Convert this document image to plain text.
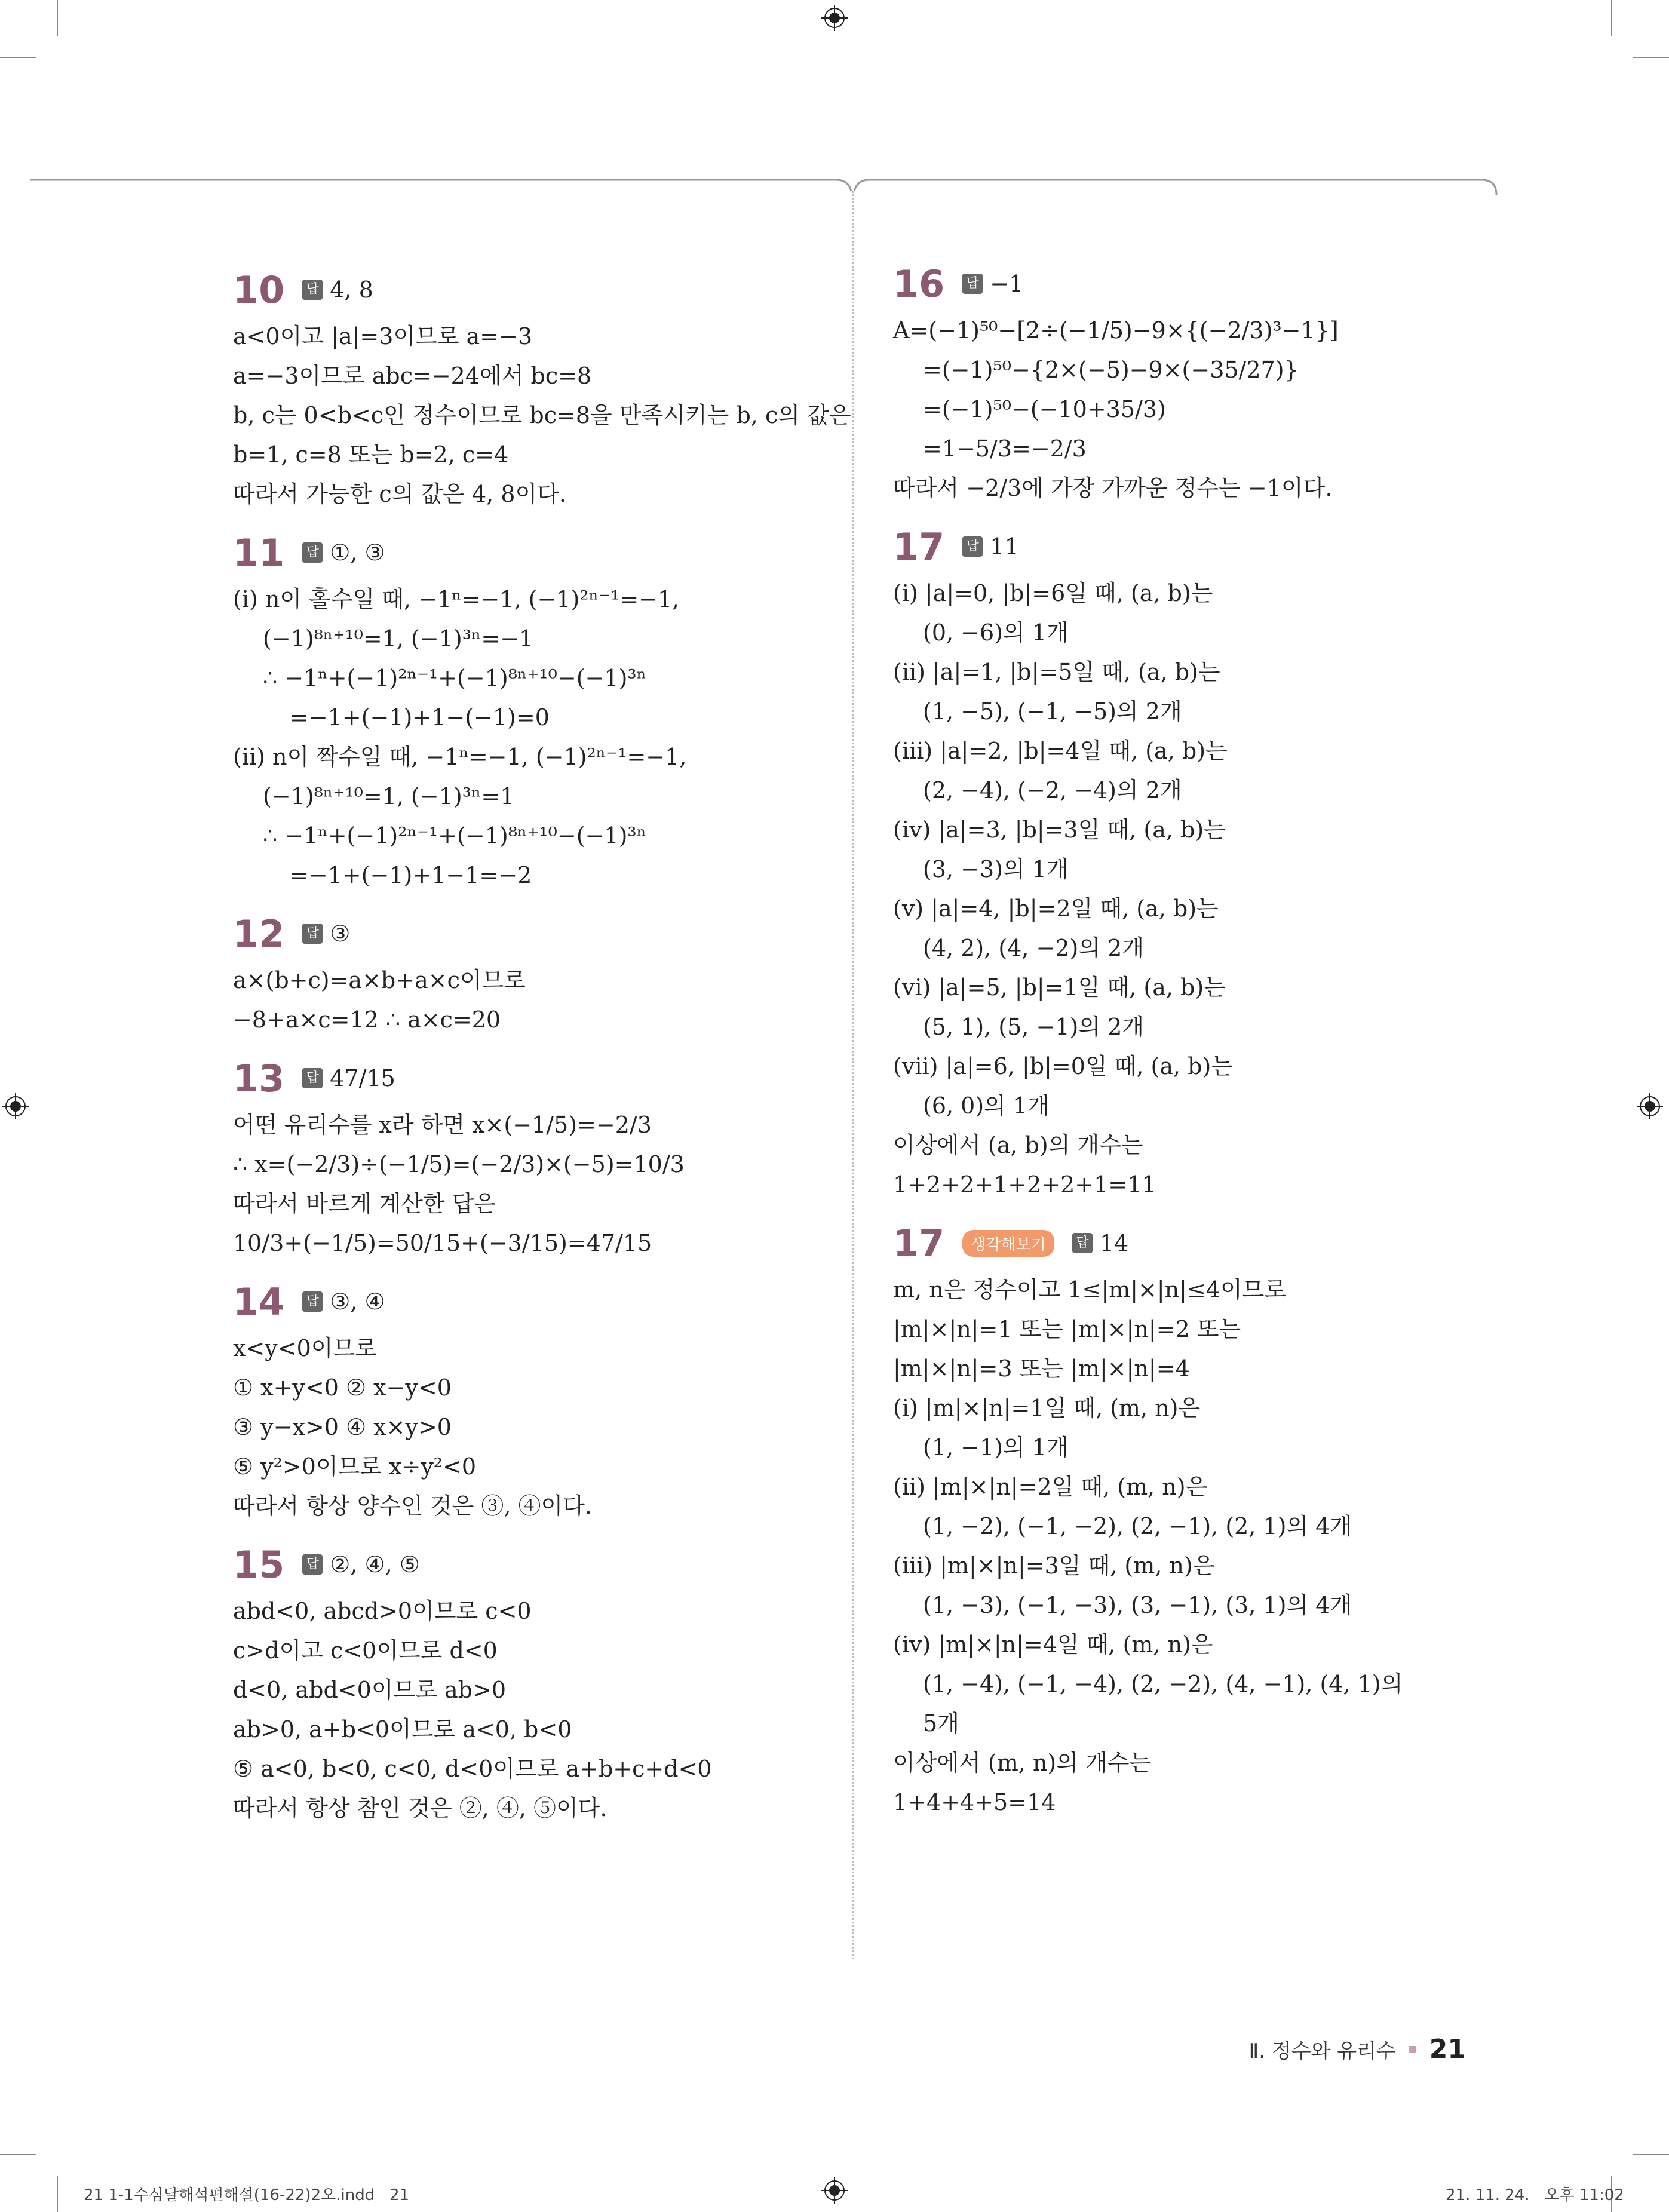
10 답 4, 8
a<0이고 |a|=3이므로 a=−3
a=−3이므로 abc=−24에서 bc=8
b, c는 0<b<c인 정수이므로 bc=8을 만족시키는 b, c의 값은
b=1, c=8 또는 b=2, c=4
따라서 가능한 c의 값은 4, 8이다.
11 답 ①, ③
(ⅰ) n이 홀수일 때, −1ⁿ=−1, (−1)²ⁿ⁻¹=−1,
(−1)⁸ⁿ⁺¹⁰=1, (−1)³ⁿ=−1
∴ −1ⁿ+(−1)²ⁿ⁻¹+(−1)⁸ⁿ⁺¹⁰−(−1)³ⁿ
=−1+(−1)+1−(−1)=0
(ⅱ) n이 짝수일 때, −1ⁿ=−1, (−1)²ⁿ⁻¹=−1,
(−1)⁸ⁿ⁺¹⁰=1, (−1)³ⁿ=1
∴ −1ⁿ+(−1)²ⁿ⁻¹+(−1)⁸ⁿ⁺¹⁰−(−1)³ⁿ
=−1+(−1)+1−1=−2
12 답 ③
a×(b+c)=a×b+a×c이므로
−8+a×c=12 ∴ a×c=20
13 답 47/15
어떤 유리수를 x라 하면 x×(−1/5)=−2/3
∴ x=(−2/3)÷(−1/5)=(−2/3)×(−5)=10/3
따라서 바르게 계산한 답은
10/3+(−1/5)=50/15+(−3/15)=47/15
14 답 ③, ④
x<y<0이므로
① x+y<0 ② x−y<0
③ y−x>0 ④ x×y>0
⑤ y²>0이므로 x÷y²<0
따라서 항상 양수인 것은 ③, ④이다.
15 답 ②, ④, ⑤
abd<0, abcd>0이므로 c<0
c>d이고 c<0이므로 d<0
d<0, abd<0이므로 ab>0
ab>0, a+b<0이므로 a<0, b<0
⑤ a<0, b<0, c<0, d<0이므로 a+b+c+d<0
따라서 항상 참인 것은 ②, ④, ⑤이다.
16 답 −1
A=(−1)⁵⁰−[2÷(−1/5)−9×{(−2/3)³−1}]
=(−1)⁵⁰−{2×(−5)−9×(−35/27)}
=(−1)⁵⁰−(−10+35/3)
=1−5/3=−2/3
따라서 −2/3에 가장 가까운 정수는 −1이다.
17 답 11
(ⅰ) |a|=0, |b|=6일 때, (a, b)는
(0, −6)의 1개
(ⅱ) |a|=1, |b|=5일 때, (a, b)는
(1, −5), (−1, −5)의 2개
(ⅲ) |a|=2, |b|=4일 때, (a, b)는
(2, −4), (−2, −4)의 2개
(ⅳ) |a|=3, |b|=3일 때, (a, b)는
(3, −3)의 1개
(ⅴ) |a|=4, |b|=2일 때, (a, b)는
(4, 2), (4, −2)의 2개
(ⅵ) |a|=5, |b|=1일 때, (a, b)는
(5, 1), (5, −1)의 2개
(ⅶ) |a|=6, |b|=0일 때, (a, b)는
(6, 0)의 1개
이상에서 (a, b)의 개수는
1+2+2+1+2+2+1=11
17	생각해보기	답 14
m, n은 정수이고 1≤|m|×|n|≤4이므로
|m|×|n|=1 또는 |m|×|n|=2 또는
|m|×|n|=3 또는 |m|×|n|=4
(ⅰ) |m|×|n|=1일 때, (m, n)은
(1, −1)의 1개
(ⅱ) |m|×|n|=2일 때, (m, n)은
(1, −2), (−1, −2), (2, −1), (2, 1)의 4개
(ⅲ) |m|×|n|=3일 때, (m, n)은
(1, −3), (−1, −3), (3, −1), (3, 1)의 4개
(ⅳ) |m|×|n|=4일 때, (m, n)은
(1, −4), (−1, −4), (2, −2), (4, −1), (4, 1)의
5개
이상에서 (m, n)의 개수는
1+4+4+5=14
Ⅱ. 정수와 유리수 21
21 1-1수심달해석편해설(16-22)2오.indd   21	21. 11. 24.   오후 11:02
